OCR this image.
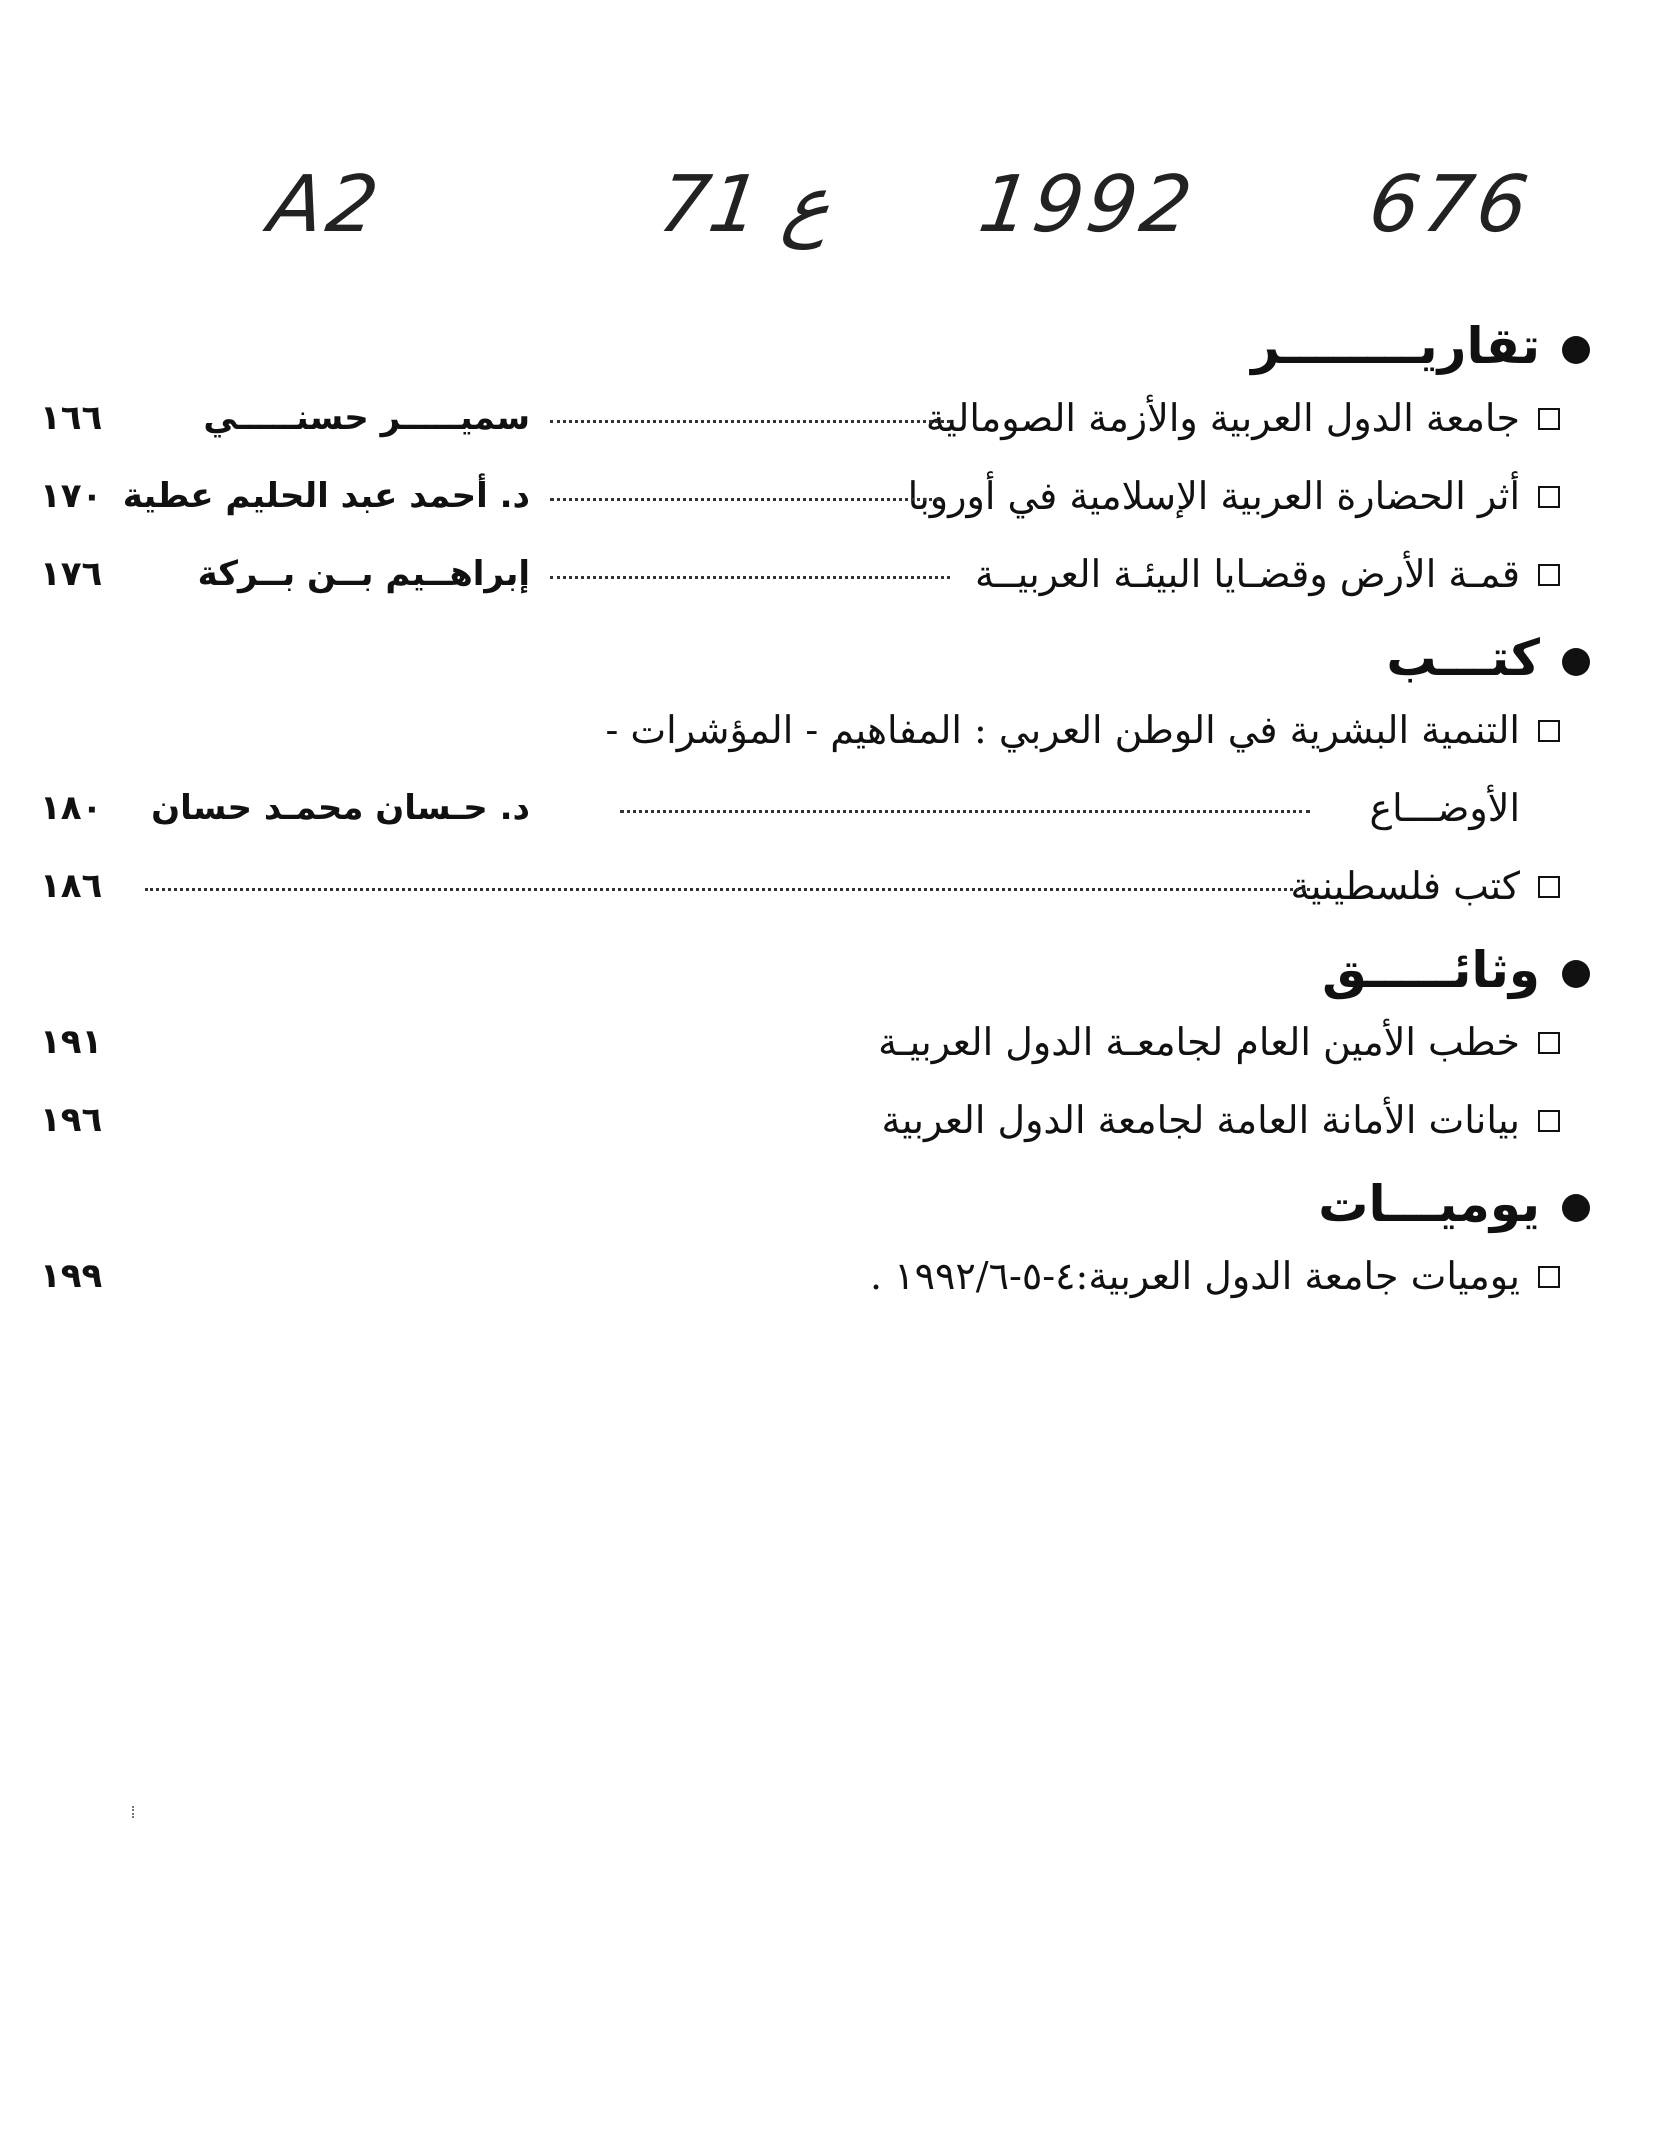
A2	71 ع 1992 676
تقاريــــــــر
جامعة الدول العربية والأزمة الصومالية
سميـــــر حسنـــــي
١٦٦
أثر الحضارة العربية الإسلامية في أوروبا
د. أحمد عبد الحليم عطية
١٧٠
قمـة الأرض وقضـايا البيئـة العربيــة
إبراهــيم بــن بــركة
١٧٦
كتـــب
التنمية البشرية في الوطن العربي : المفاهيم - المؤشرات -
الأوضـــاع
د. حـسان محمـد حسان
١٨٠
كتب فلسطينية
١٨٦
وثائـــــق
خطب الأمين العام لجامعـة الدول العربيـة
١٩١
بيانات الأمانة العامة لجامعة الدول العربية
١٩٦
يوميـــات
يوميات جامعة الدول العربية:٤-٥-١٩٩٢/٦ .
١٩٩
